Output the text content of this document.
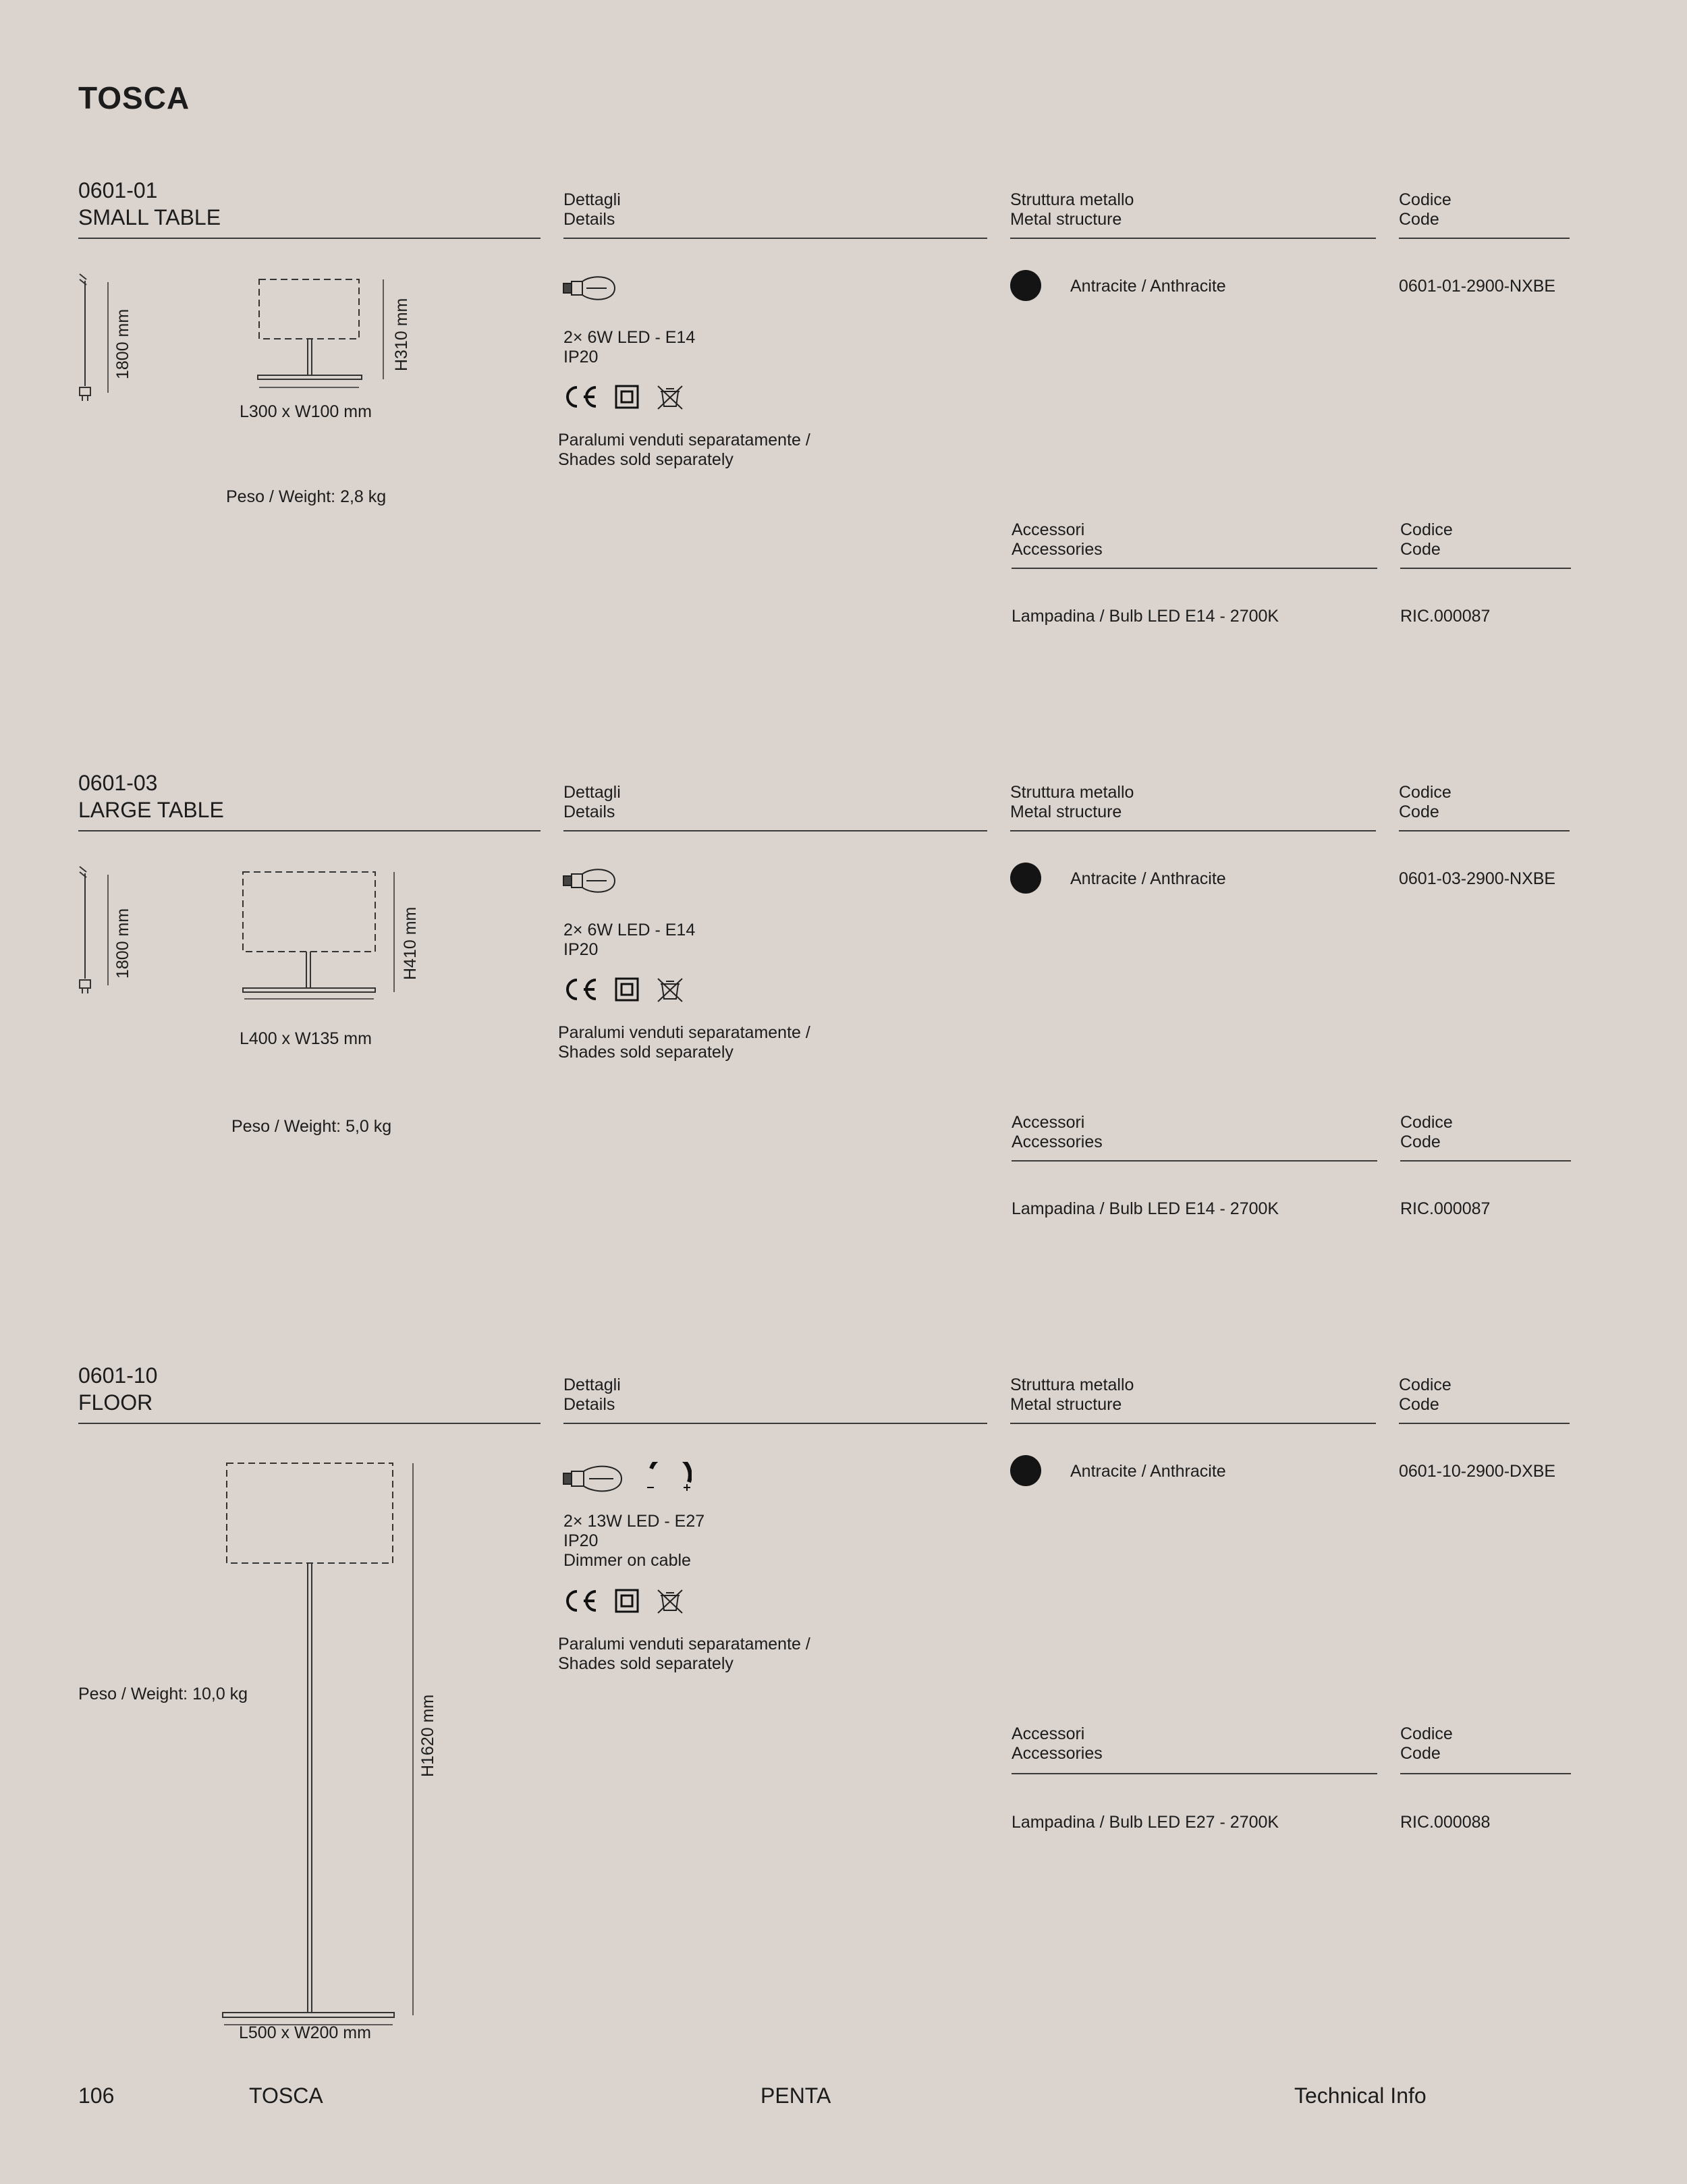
TOSCA
0601-01
SMALL TABLE
Dettagli
Details
Struttura metallo
Metal structure
Codice
Code
1800 mm	H310 mm
L300 x W100 mm
Peso / Weight: 2,8 kg
2× 6W LED - E14
IP20
Paralumi venduti separatamente /
Shades sold separately
Antracite / Anthracite	0601-01-2900-NXBE
Accessori
Accessories
Codice
Code
Lampadina / Bulb LED E14 - 2700K	RIC.000087
0601-03
LARGE TABLE
Dettagli
Details
Struttura metallo
Metal structure
Codice
Code
1800 mm	H410 mm
L400 x W135 mm
Peso / Weight: 5,0 kg
2× 6W LED - E14
IP20
Paralumi venduti separatamente /
Shades sold separately
Antracite / Anthracite	0601-03-2900-NXBE
Accessori
Accessories
Codice
Code
Lampadina / Bulb LED E14 - 2700K	RIC.000087
0601-10
FLOOR
Dettagli
Details
Struttura metallo
Metal structure
Codice
Code
H1620 mm
L500 x W200 mm
Peso / Weight: 10,0 kg
2× 13W LED - E27
IP20
Dimmer on cable
Paralumi venduti separatamente /
Shades sold separately
Antracite / Anthracite	0601-10-2900-DXBE
Accessori
Accessories
Codice
Code
Lampadina / Bulb LED E27 - 2700K	RIC.000088
106	TOSCA	PENTA	Technical Info
